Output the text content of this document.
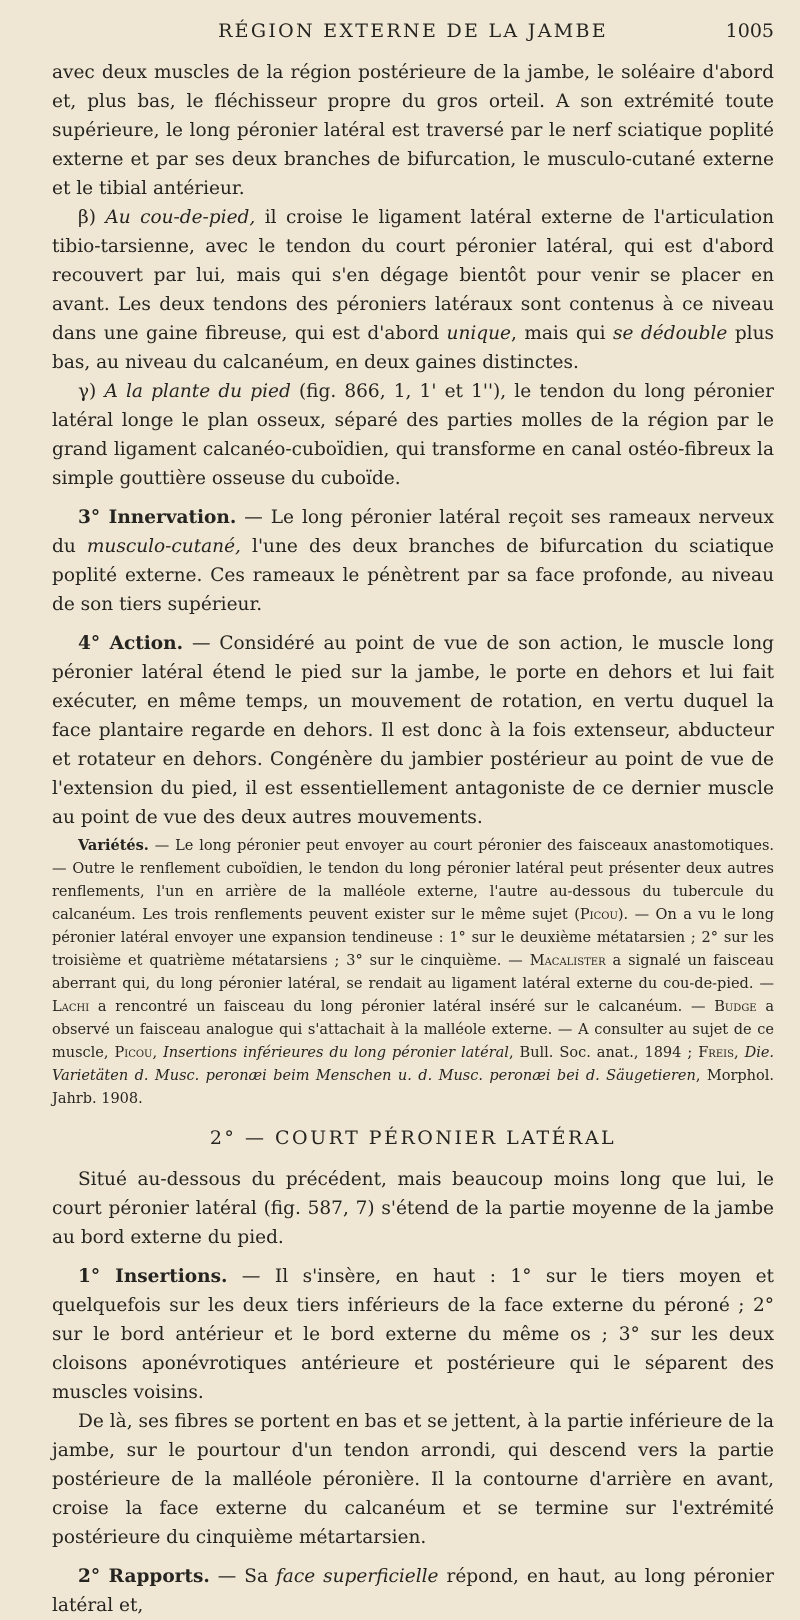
RÉGION EXTERNE DE LA JAMBE	1005

avec deux muscles de la région postérieure de la jambe, le soléaire d'abord et, plus bas, le fléchisseur propre du gros orteil. A son extrémité toute supérieure, le long péronier latéral est traversé par le nerf sciatique poplité externe et par ses deux branches de bifurcation, le musculo-cutané externe et le tibial antérieur.

β) Au cou-de-pied, il croise le ligament latéral externe de l'articulation tibio-tarsienne, avec le tendon du court péronier latéral, qui est d'abord recouvert par lui, mais qui s'en dégage bientôt pour venir se placer en avant. Les deux tendons des péroniers latéraux sont contenus à ce niveau dans une gaine fibreuse, qui est d'abord unique, mais qui se dédouble plus bas, au niveau du calcanéum, en deux gaines distinctes.

γ) A la plante du pied (fig. 866, 1, 1' et 1''), le tendon du long péronier latéral longe le plan osseux, séparé des parties molles de la région par le grand ligament calcanéo-cuboïdien, qui transforme en canal ostéo-fibreux la simple gouttière osseuse du cuboïde.

3° Innervation. — Le long péronier latéral reçoit ses rameaux nerveux du musculo-cutané, l'une des deux branches de bifurcation du sciatique poplité externe. Ces rameaux le pénètrent par sa face profonde, au niveau de son tiers supérieur.

4° Action. — Considéré au point de vue de son action, le muscle long péronier latéral étend le pied sur la jambe, le porte en dehors et lui fait exécuter, en même temps, un mouvement de rotation, en vertu duquel la face plantaire regarde en dehors. Il est donc à la fois extenseur, abducteur et rotateur en dehors. Congénère du jambier postérieur au point de vue de l'extension du pied, il est essentiellement antagoniste de ce dernier muscle au point de vue des deux autres mouvements.

Variétés. — Le long péronier peut envoyer au court péronier des faisceaux anastomotiques. — Outre le renflement cuboïdien, le tendon du long péronier latéral peut présenter deux autres renflements, l'un en arrière de la malléole externe, l'autre au-dessous du tubercule du calcanéum. Les trois renflements peuvent exister sur le même sujet (Picou). — On a vu le long péronier latéral envoyer une expansion tendineuse : 1° sur le deuxième métatarsien ; 2° sur les troisième et quatrième métatarsiens ; 3° sur le cinquième. — Macalister a signalé un faisceau aberrant qui, du long péronier latéral, se rendait au ligament latéral externe du cou-de-pied. — Lachi a rencontré un faisceau du long péronier latéral inséré sur le calcanéum. — Budge a observé un faisceau analogue qui s'attachait à la malléole externe. — A consulter au sujet de ce muscle, Picou, Insertions inférieures du long péronier latéral, Bull. Soc. anat., 1894 ; Freis, Die. Varietäten d. Musc. peronæi beim Menschen u. d. Musc. peronæi bei d. Säugetieren, Morphol. Jahrb. 1908.

2° — COURT PÉRONIER LATÉRAL

Situé au-dessous du précédent, mais beaucoup moins long que lui, le court péronier latéral (fig. 587, 7) s'étend de la partie moyenne de la jambe au bord externe du pied.

1° Insertions. — Il s'insère, en haut : 1° sur le tiers moyen et quelquefois sur les deux tiers inférieurs de la face externe du péroné ; 2° sur le bord antérieur et le bord externe du même os ; 3° sur les deux cloisons aponévrotiques antérieure et postérieure qui le séparent des muscles voisins.

De là, ses fibres se portent en bas et se jettent, à la partie inférieure de la jambe, sur le pourtour d'un tendon arrondi, qui descend vers la partie postérieure de la malléole péronière. Il la contourne d'arrière en avant, croise la face externe du calcanéum et se termine sur l'extrémité postérieure du cinquième métartarsien.

2° Rapports. — Sa face superficielle répond, en haut, au long péronier latéral et,
